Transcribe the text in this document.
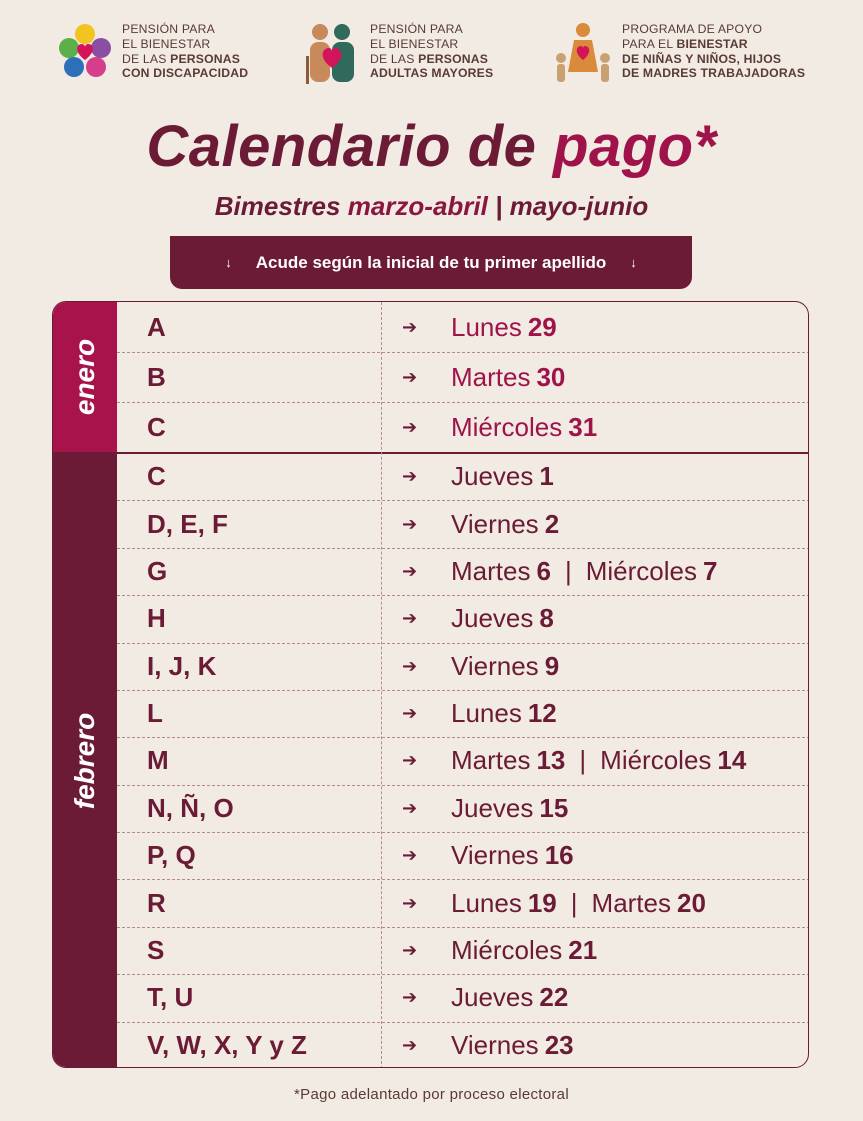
PENSIÓN PARA
EL BIENESTAR
DE LAS PERSONAS
CON DISCAPACIDAD
PENSIÓN PARA
EL BIENESTAR
DE LAS PERSONAS
ADULTAS MAYORES
PROGRAMA DE APOYO
PARA EL BIENESTAR
DE NIÑAS Y NIÑOS, HIJOS
DE MADRES TRABAJADORAS
Calendario de pago*
Bimestres marzo-abril | mayo-junio
↓ Acude según la inicial de tu primer apellido ↓
enero
febrero
A	➔ Lunes 29
B	➔ Martes 30
C	➔ Miércoles 31
C	➔ Jueves 1
D, E, F	➔ Viernes 2
G	➔ Martes 6 | Miércoles 7
H	➔ Jueves 8
I, J, K	➔ Viernes 9
L	➔ Lunes 12
M	➔ Martes 13 | Miércoles 14
N, Ñ, O	➔ Jueves 15
P, Q	➔ Viernes 16
R	➔ Lunes 19 | Martes 20
S	➔ Miércoles 21
T, U	➔ Jueves 22
V, W, X, Y y Z	➔ Viernes 23
*Pago adelantado por proceso electoral
